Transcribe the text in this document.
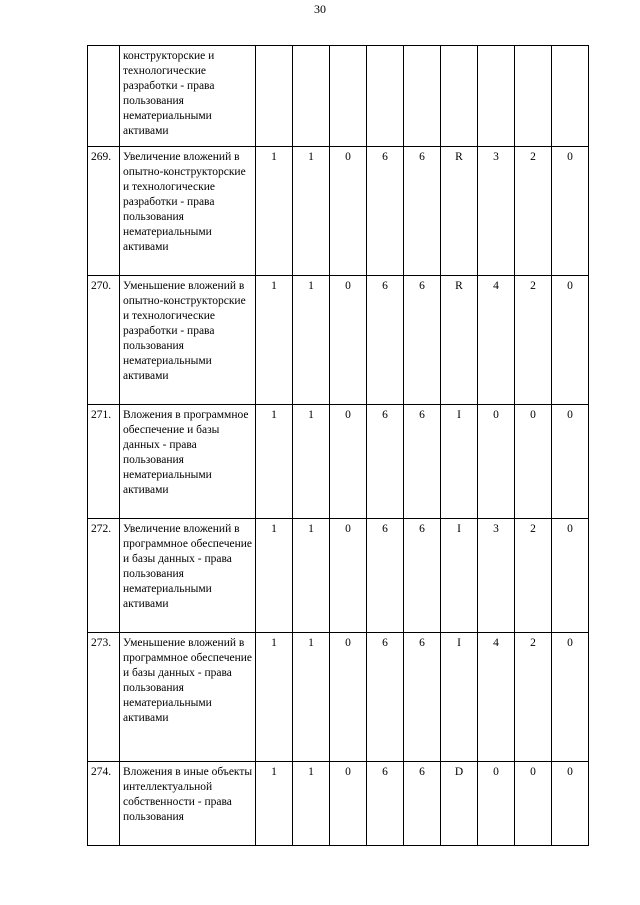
30
	конструкторские и технологические разработки - права пользования нематериальными активами									
269.	Увеличение вложений в опытно-конструкторские и технологические разработки - права пользования нематериальными активами	1	1	0	6	6	R	3	2	0
270.	Уменьшение вложений в опытно-конструкторские и технологические разработки - права пользования нематериальными активами	1	1	0	6	6	R	4	2	0
271.	Вложения в программное обеспечение и базы данных - права пользования нематериальными активами	1	1	0	6	6	I	0	0	0
272.	Увеличение вложений в программное обеспечение и базы данных - права пользования нематериальными активами	1	1	0	6	6	I	3	2	0
273.	Уменьшение вложений в программное обеспечение и базы данных - права пользования нематериальными активами	1	1	0	6	6	I	4	2	0
274.	Вложения в иные объекты интеллектуальной собственности - права пользования	1	1	0	6	6	D	0	0	0
